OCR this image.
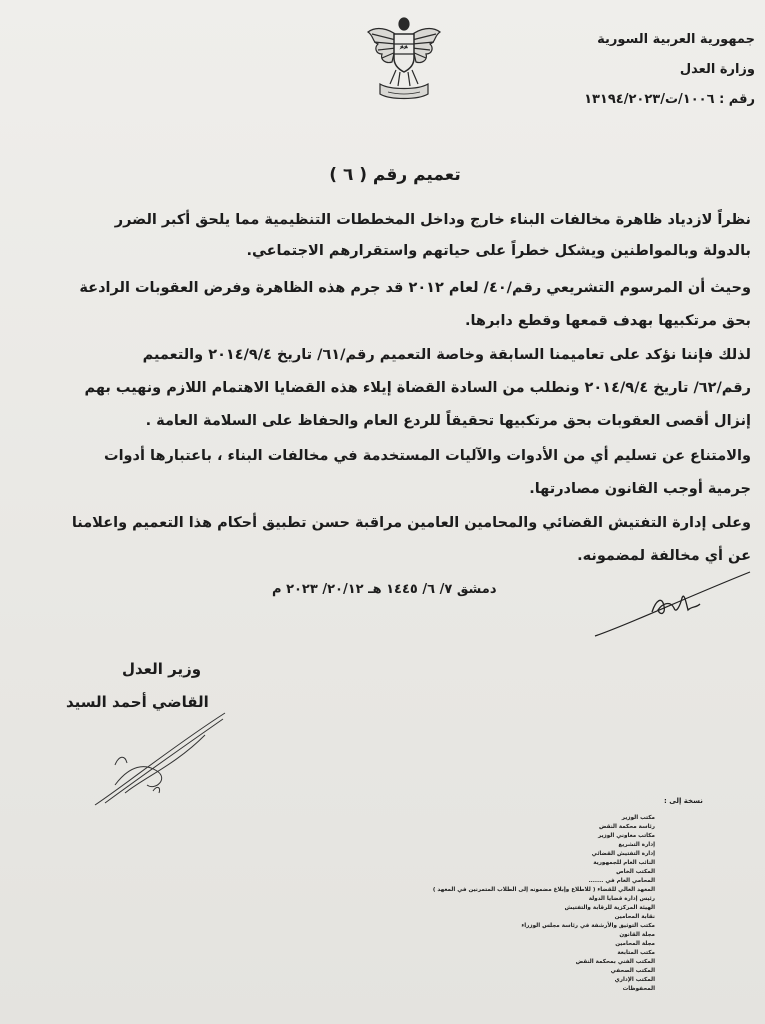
جمهورية العربية السورية
وزارة العدل
رقم : ١٠٠٦/ت/١٣١٩٤/٢٠٢٣
تعميم رقم ( ٦ )
نظراً لازدياد ظاهرة مخالفات البناء خارج وداخل المخططات التنظيمية مما يلحق أكبر الضرر
بالدولة وبالمواطنين ويشكل خطراً على حياتهم واستقرارهم الاجتماعي.
وحيث أن المرسوم التشريعي رقم/٤٠/ لعام ٢٠١٢ قد جرم هذه الظاهرة وفرض العقوبات الرادعة
بحق مرتكبيها بهدف قمعها وقطع دابرها.
لذلك فإننا نؤكد على تعاميمنا السابقة وخاصة التعميم رقم/٦١/ تاريخ ٢٠١٤/٩/٤ والتعميم
رقم/٦٢/ تاريخ ٢٠١٤/٩/٤ ونطلب من السادة القضاة إيلاء هذه القضايا الاهتمام اللازم ونهيب بهم
إنزال أقصى العقوبات بحق مرتكبيها تحقيقاً للردع العام والحفاظ على السلامة العامة .
والامتناع عن تسليم أي من الأدوات والآليات المستخدمة في مخالفات البناء ، باعتبارها أدوات
جرمية أوجب القانون مصادرتها.
وعلى إدارة التفتيش القضائي والمحامين العامين مراقبة حسن تطبيق أحكام هذا التعميم واعلامنا
عن أي مخالفة لمضمونه.
دمشق ٧/ ٦/ ١٤٤٥ هـ ٢٠/١٢/ ٢٠٢٣ م
وزير العدل
القاضي أحمد السيد
نسخة إلى :
مكتب الوزير
رئاسة محكمة النقض
مكاتب معاوني الوزير
إدارة التشريع
إدارة التفتيش القضائي
النائب العام للجمهورية
المكتب الخاص
المحامي العام في .......
المعهد العالي للقضاء ( للاطلاع وإبلاغ مضمونه إلى الطلاب المتمرنين في المعهد )
رئيس إدارة قضايا الدولة
الهيئة المركزية للرقابة والتفتيش
نقابة المحامين
مكتب التوثيق والأرشفة في رئاسة مجلس الوزراء
مجلة القانون
مجلة المحامين
مكتب المتابعة
المكتب الفني بمحكمة النقض
المكتب الصحفي
المكتب الإداري
المحفوظات
